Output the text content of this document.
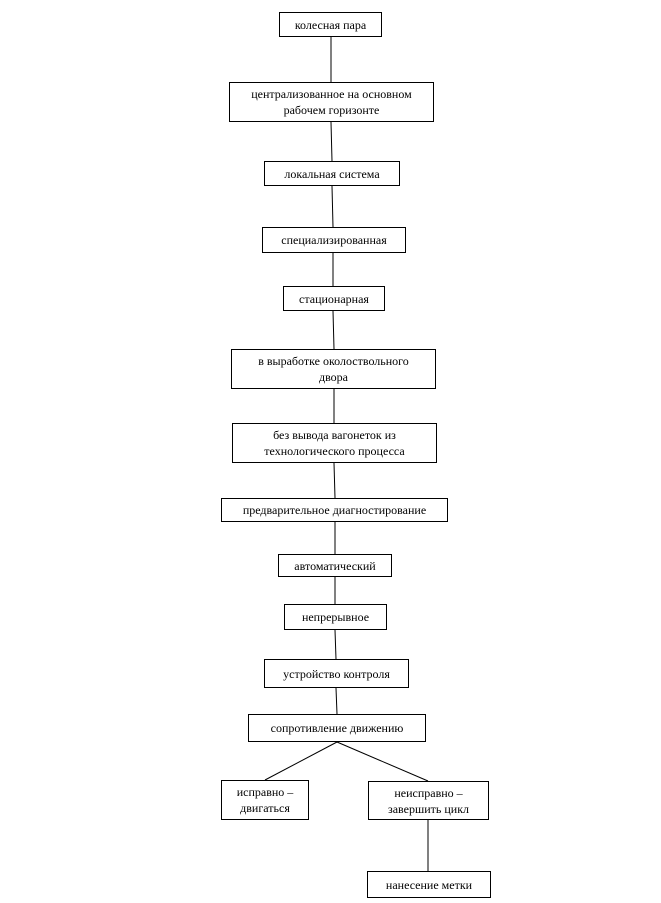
колесная пара
централизованное на основном рабочем горизонте
локальная система
специализированная
стационарная
в выработке околоствольного двора
без вывода вагонеток из технологического процесса
предварительное диагностирование
автоматический
непрерывное
устройство контроля
сопротивление движению
исправно – двигаться
неисправно – завершить цикл
нанесение метки
